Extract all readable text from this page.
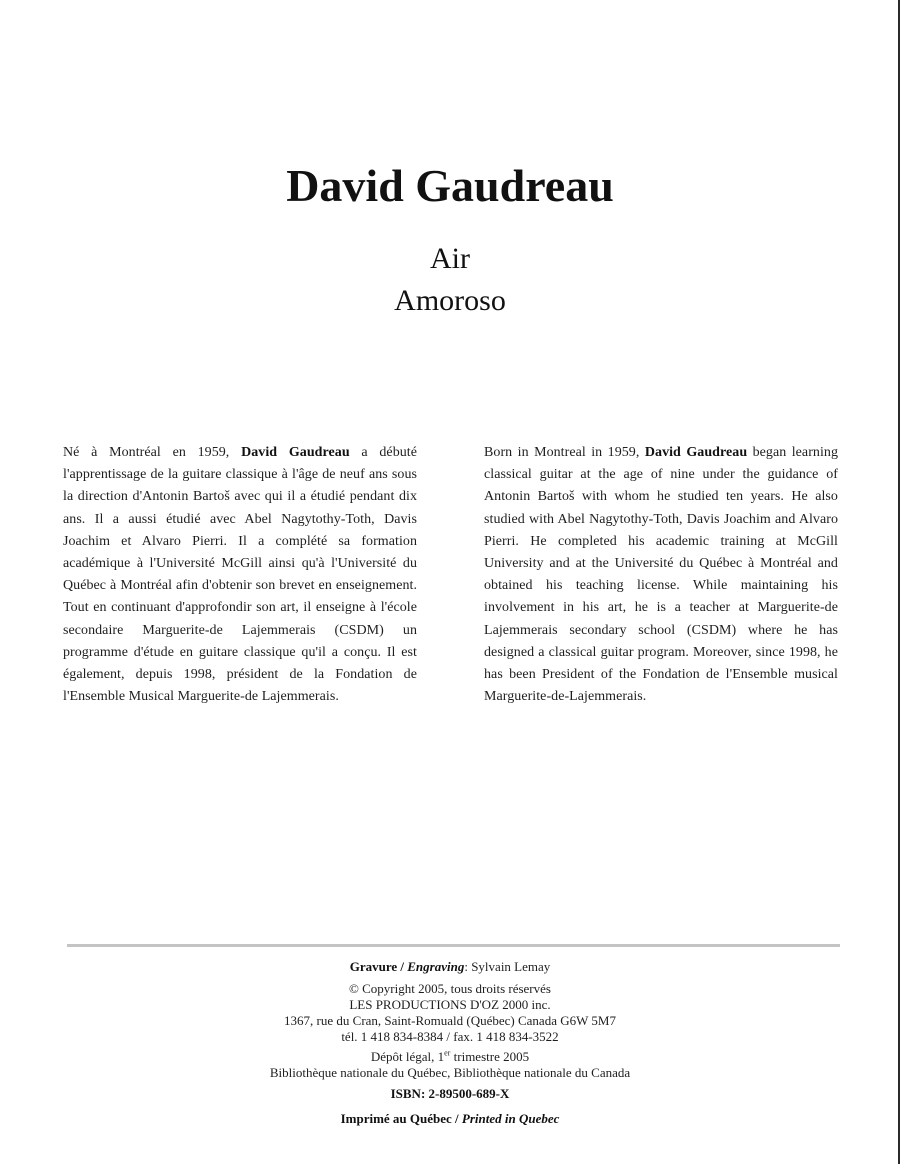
David Gaudreau
Air
Amoroso
Né à Montréal en 1959, David Gaudreau a débuté l'apprentissage de la guitare classique à l'âge de neuf ans sous la direction d'Antonin Bartoš avec qui il a étudié pendant dix ans. Il a aussi étudié avec Abel Nagytothy-Toth, Davis Joachim et Alvaro Pierri. Il a complété sa formation académique à l'Université McGill ainsi qu'à l'Université du Québec à Montréal afin d'obtenir son brevet en enseignement. Tout en continuant d'approfondir son art, il enseigne à l'école secondaire Marguerite-de Lajemmerais (CSDM) un programme d'étude en guitare classique qu'il a conçu. Il est également, depuis 1998, président de la Fondation de l'Ensemble Musical Marguerite-de Lajemmerais.
Born in Montreal in 1959, David Gaudreau began learning classical guitar at the age of nine under the guidance of Antonin Bartoš with whom he studied ten years. He also studied with Abel Nagytothy-Toth, Davis Joachim and Alvaro Pierri. He completed his academic training at McGill University and at the Université du Québec à Montréal and obtained his teaching license. While maintaining his involvement in his art, he is a teacher at Marguerite-de Lajemmerais secondary school (CSDM) where he has designed a classical guitar program. Moreover, since 1998, he has been President of the Fondation de l'Ensemble musical Marguerite-de-Lajemmerais.
Gravure / Engraving: Sylvain Lemay
© Copyright 2005, tous droits réservés
LES PRODUCTIONS D'OZ 2000 inc.
1367, rue du Cran, Saint-Romuald (Québec) Canada G6W 5M7
tél. 1 418 834-8384 / fax. 1 418 834-3522
Dépôt légal, 1er trimestre 2005
Bibliothèque nationale du Québec, Bibliothèque nationale du Canada
ISBN: 2-89500-689-X
Imprimé au Québec / Printed in Quebec
